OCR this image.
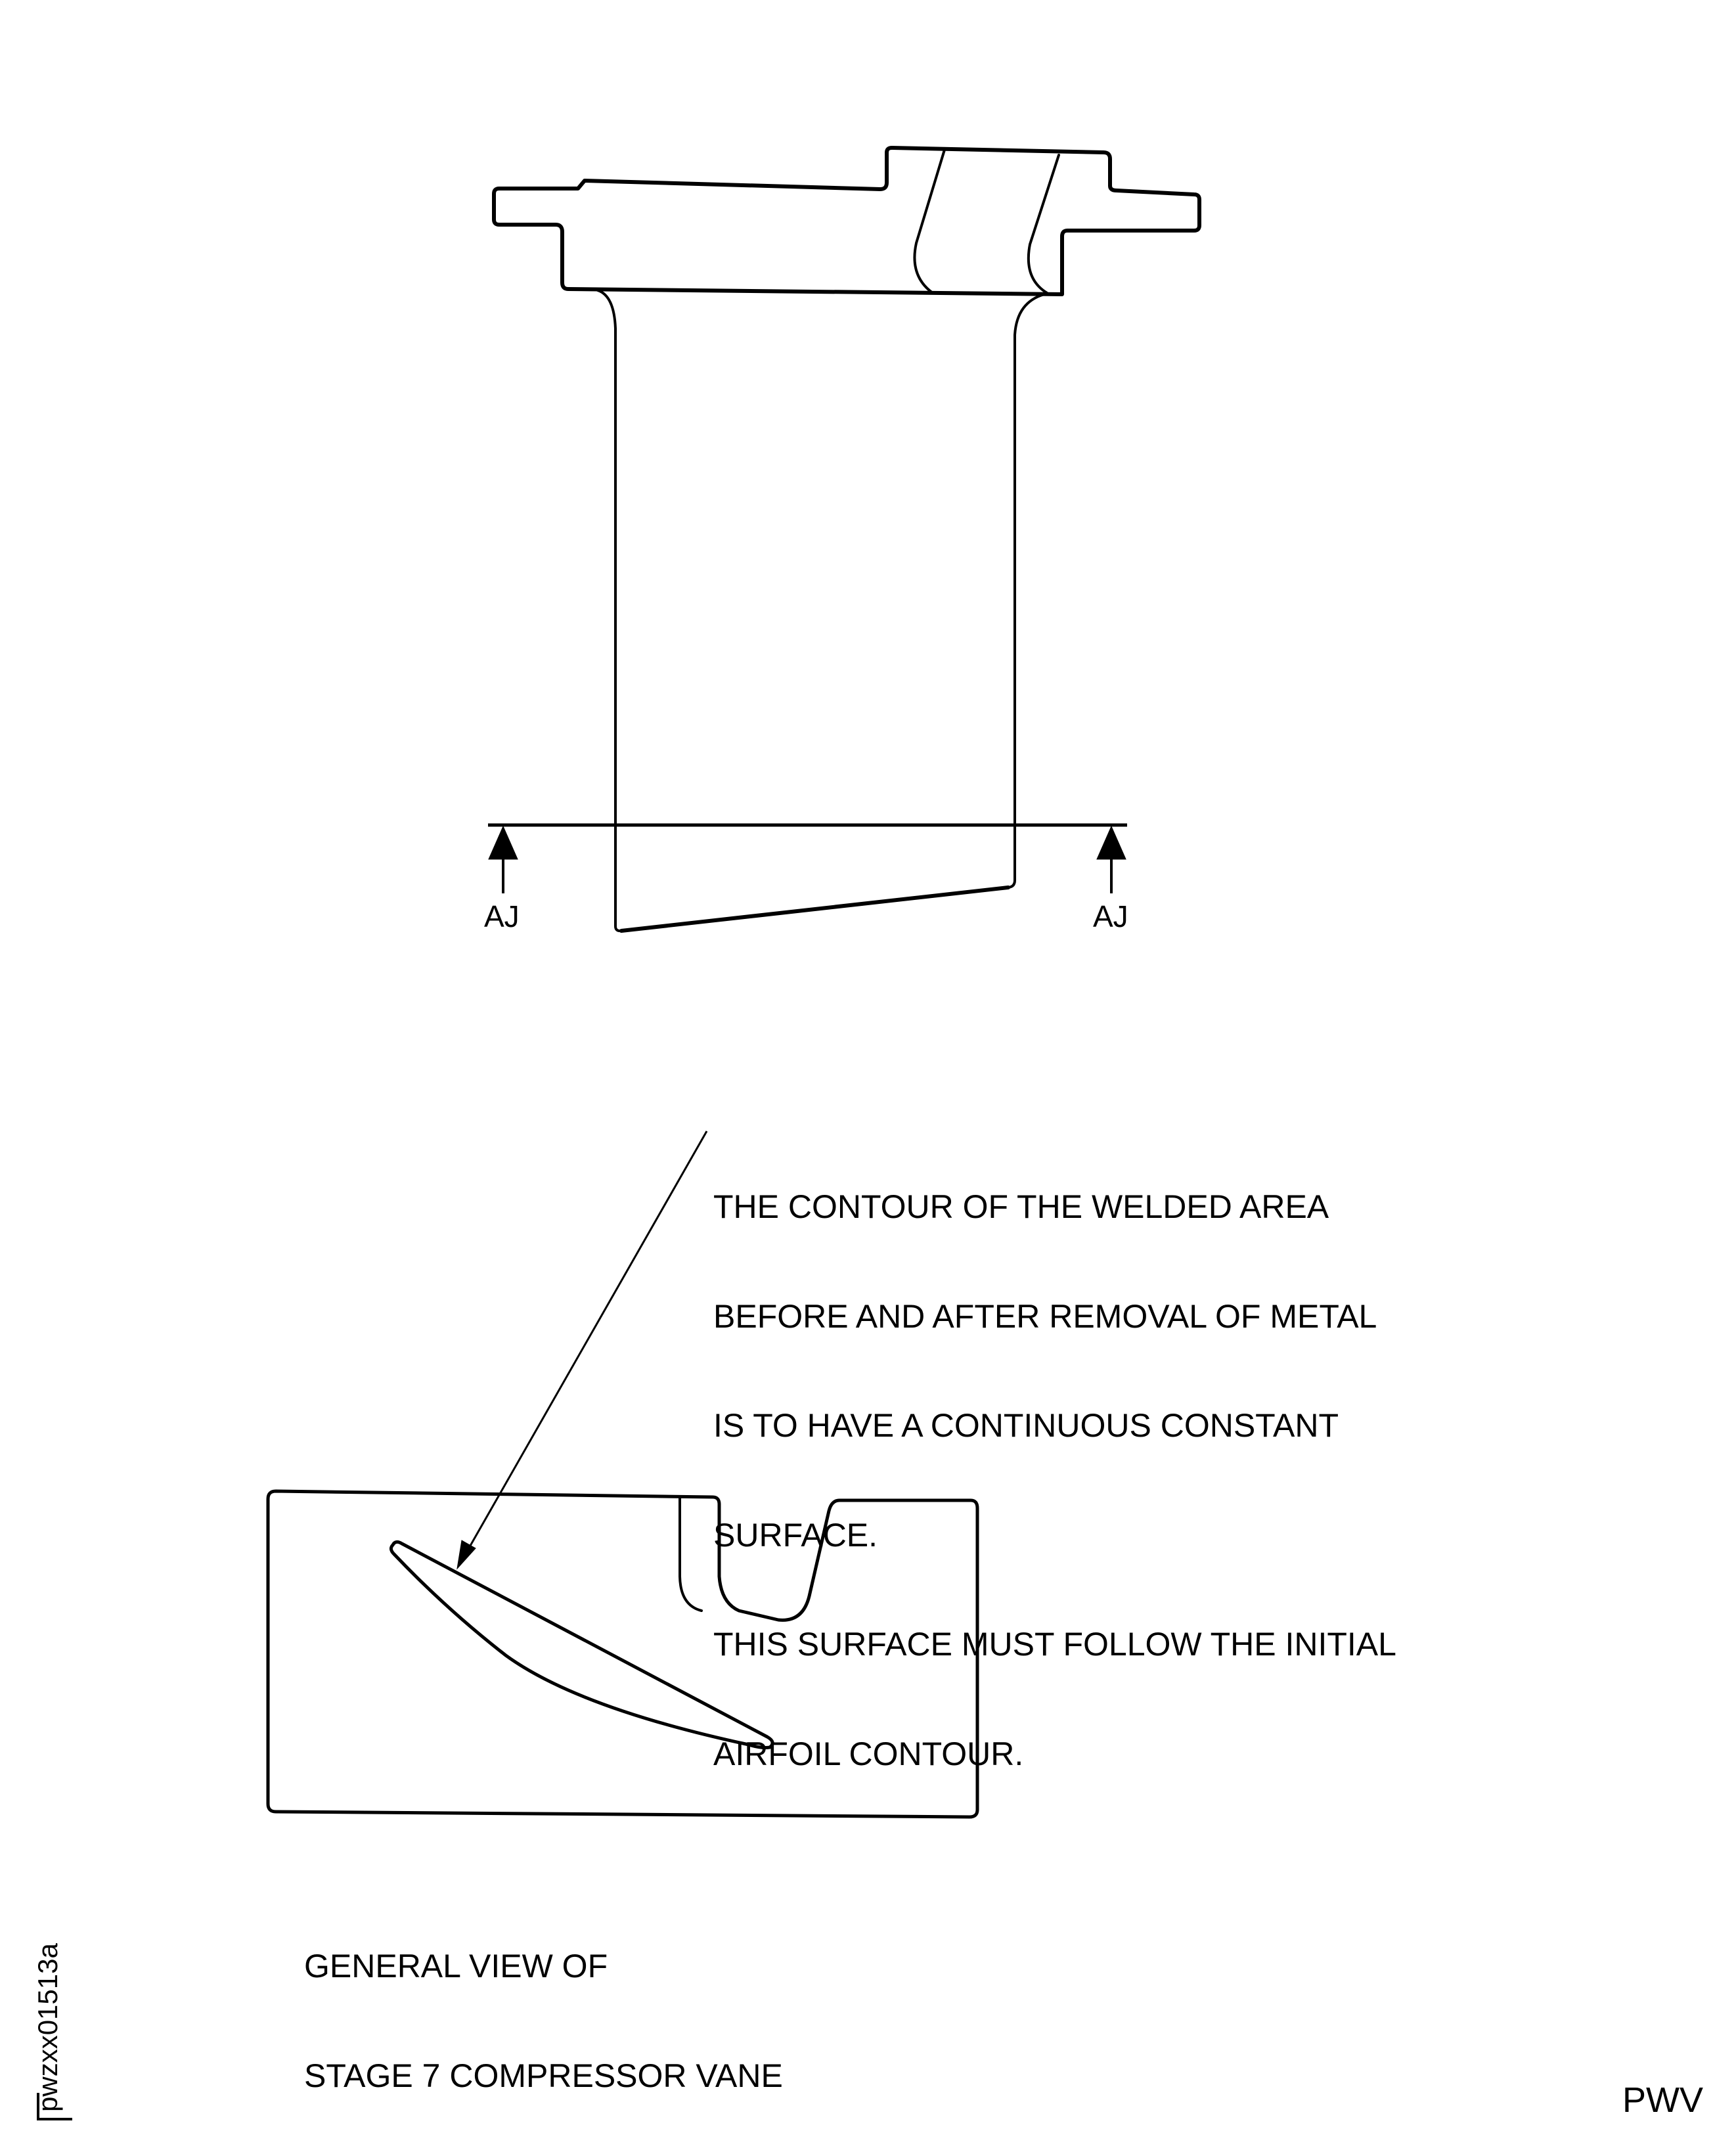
AJ	AJ

THE CONTOUR OF THE WELDED AREA

BEFORE AND AFTER REMOVAL OF METAL

IS TO HAVE A CONTINUOUS CONSTANT

SURFACE.

THIS SURFACE MUST FOLLOW THE INITIAL

AIRFOIL CONTOUR.

GENERAL VIEW OF

STAGE 7 COMPRESSOR VANE

pwzxx01513a	PWV
